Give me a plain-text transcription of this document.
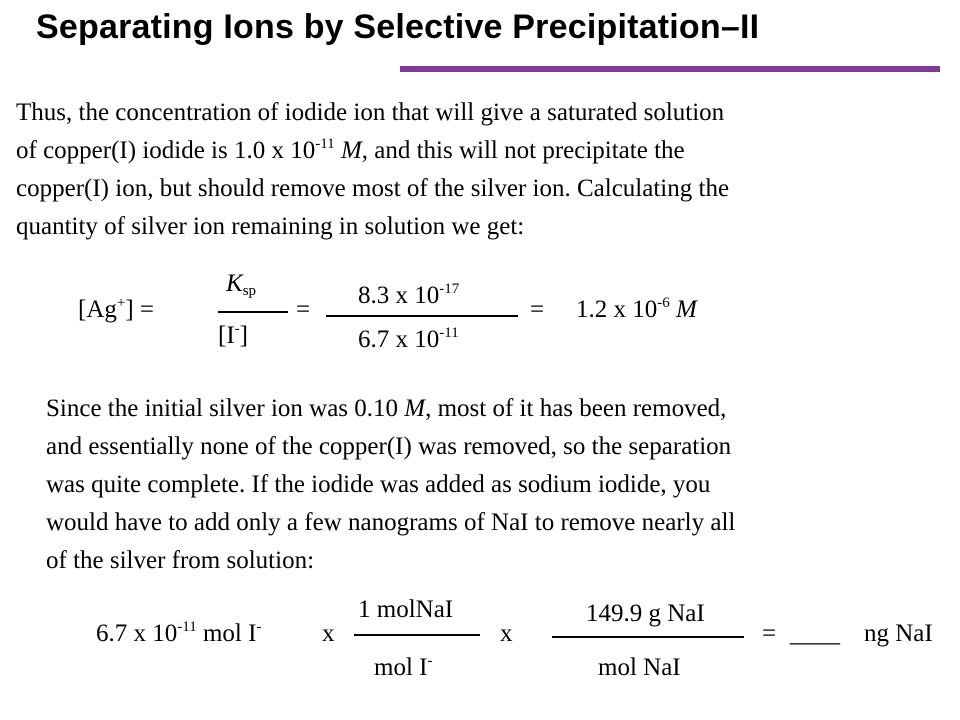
Separating Ions by Selective Precipitation–II
Thus, the concentration of iodide ion that will give a saturated solution
of copper(I) iodide is 1.0 x $10^{-11}$ M, and this will not precipitate the
copper(I) ion, but should remove most of the silver ion. Calculating the
quantity of silver ion remaining in solution we get:
[Ag+] =
$K_{sp}$
[I-]
=
8.3 x $10^{-17}$
6.7 x $10^{-11}$
= 1.2 x $10^{-6}$ M
Since the initial silver ion was 0.10 M, most of it has been removed,
and essentially none of the copper(I) was removed, so the separation
was quite complete. If the iodide was added as sodium iodide, you
would have to add only a few nanograms of NaI to remove nearly all
of the silver from solution:
6.7 x $10^{-11}$ mol I- x
1 molNaI
mol I-
x
149.9 g NaI
mol NaI
= ____ ng NaI
